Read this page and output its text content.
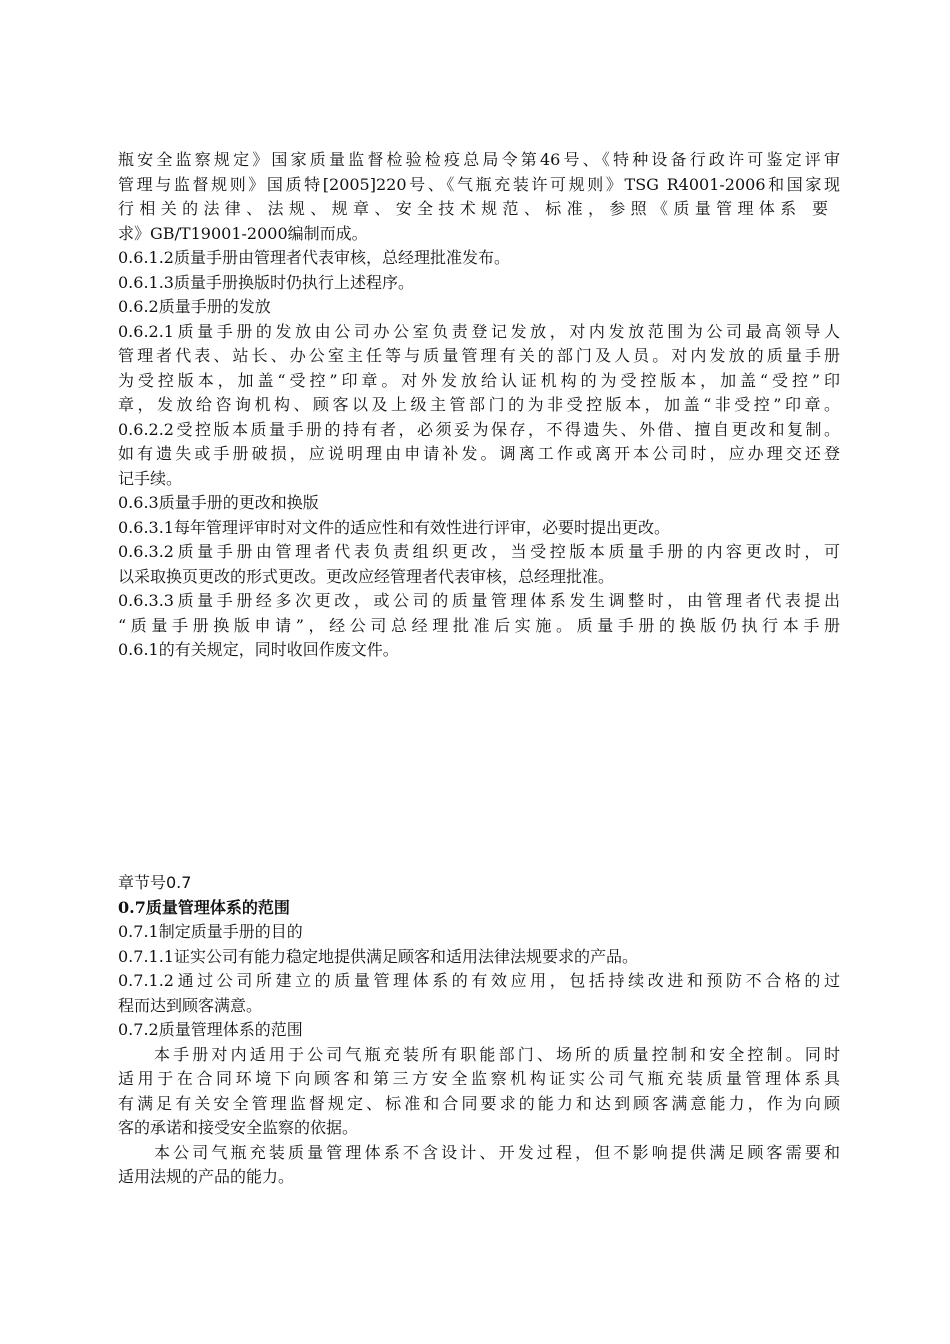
瓶安全监察规定》国家质量监督检验检疫总局令第46号、《特种设备行政许可鉴定评审
管理与监督规则》国质特[2005]220号、《气瓶充装许可规则》TSG R4001-2006和国家现
行相关的法律、法规、规章、安全技术规范、标准，参照《质量管理体系 要
求》GB/T19001-2000编制而成。
0.6.1.2质量手册由管理者代表审核，总经理批准发布。
0.6.1.3质量手册换版时仍执行上述程序。
0.6.2质量手册的发放
0.6.2.1质量手册的发放由公司办公室负责登记发放，对内发放范围为公司最高领导人
管理者代表、站长、办公室主任等与质量管理有关的部门及人员。对内发放的质量手册
为受控版本，加盖“受控”印章。对外发放给认证机构的为受控版本，加盖“受控”印
章，发放给咨询机构、顾客以及上级主管部门的为非受控版本，加盖“非受控”印章。
0.6.2.2受控版本质量手册的持有者，必须妥为保存，不得遗失、外借、擅自更改和复制。
如有遗失或手册破损，应说明理由申请补发。调离工作或离开本公司时，应办理交还登
记手续。
0.6.3质量手册的更改和换版
0.6.3.1每年管理评审时对文件的适应性和有效性进行评审，必要时提出更改。
0.6.3.2质量手册由管理者代表负责组织更改，当受控版本质量手册的内容更改时，可
以采取换页更改的形式更改。更改应经管理者代表审核，总经理批准。
0.6.3.3质量手册经多次更改，或公司的质量管理体系发生调整时，由管理者代表提出
“质量手册换版申请”，经公司总经理批准后实施。质量手册的换版仍执行本手册
0.6.1的有关规定，同时收回作废文件。
章节号0.7
0.7质量管理体系的范围
0.7.1制定质量手册的目的
0.7.1.1证实公司有能力稳定地提供满足顾客和适用法律法规要求的产品。
0.7.1.2通过公司所建立的质量管理体系的有效应用，包括持续改进和预防不合格的过
程而达到顾客满意。
0.7.2质量管理体系的范围
本手册对内适用于公司气瓶充装所有职能部门、场所的质量控制和安全控制。同时
适用于在合同环境下向顾客和第三方安全监察机构证实公司气瓶充装质量管理体系具
有满足有关安全管理监督规定、标准和合同要求的能力和达到顾客满意能力，作为向顾
客的承诺和接受安全监察的依据。
本公司气瓶充装质量管理体系不含设计、开发过程，但不影响提供满足顾客需要和
适用法规的产品的能力。
